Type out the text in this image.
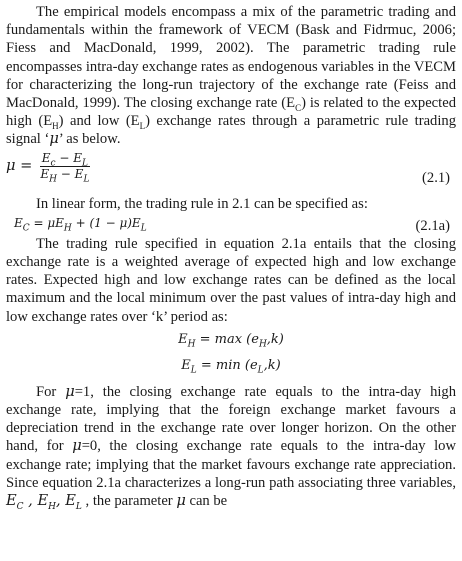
The empirical models encompass a mix of the parametric trading and fundamentals within the framework of VECM (Bask and Fidrmuc, 2006; Fiess and MacDonald, 1999, 2002). The parametric trading rule encompasses intra-day exchange rates as endogenous variables in the VECM for characterizing the long-run trajectory of the exchange rate (Feiss and MacDonald, 1999). The closing exchange rate $(E_C)$ is related to the expected high $(E_H)$ and low $(E_L)$ exchange rates through a parametric rule trading signal ‘μ’ as below.

$\mu = \frac{E_c - E_L}{E_H - E_L}$	(2.1)

In linear form, the trading rule in 2.1 can be specified as:

$E_C = \mu E_H + (1 - \mu)E_L$	(2.1a)

The trading rule specified in equation 2.1a entails that the closing exchange rate is a weighted average of expected high and low exchange rates. Expected high and low exchange rates can be defined as the local maximum and the local minimum over the past values of intra-day high and low exchange rates over ‘k’ period as:

$E_H = \max (e_H,k)$
$E_L = \min (e_L,k)$

For μ=1, the closing exchange rate equals to the intra-day high exchange rate, implying that the foreign exchange market favours a depreciation trend in the exchange rate over longer horizon. On the other hand, for μ=0, the closing exchange rate equals to the intra-day low exchange rate; implying that the market favours exchange rate appreciation. Since equation 2.1a characterizes a long-run path associating three variables, $E_C$ , $E_H$, $E_L$ , the parameter μ can be
